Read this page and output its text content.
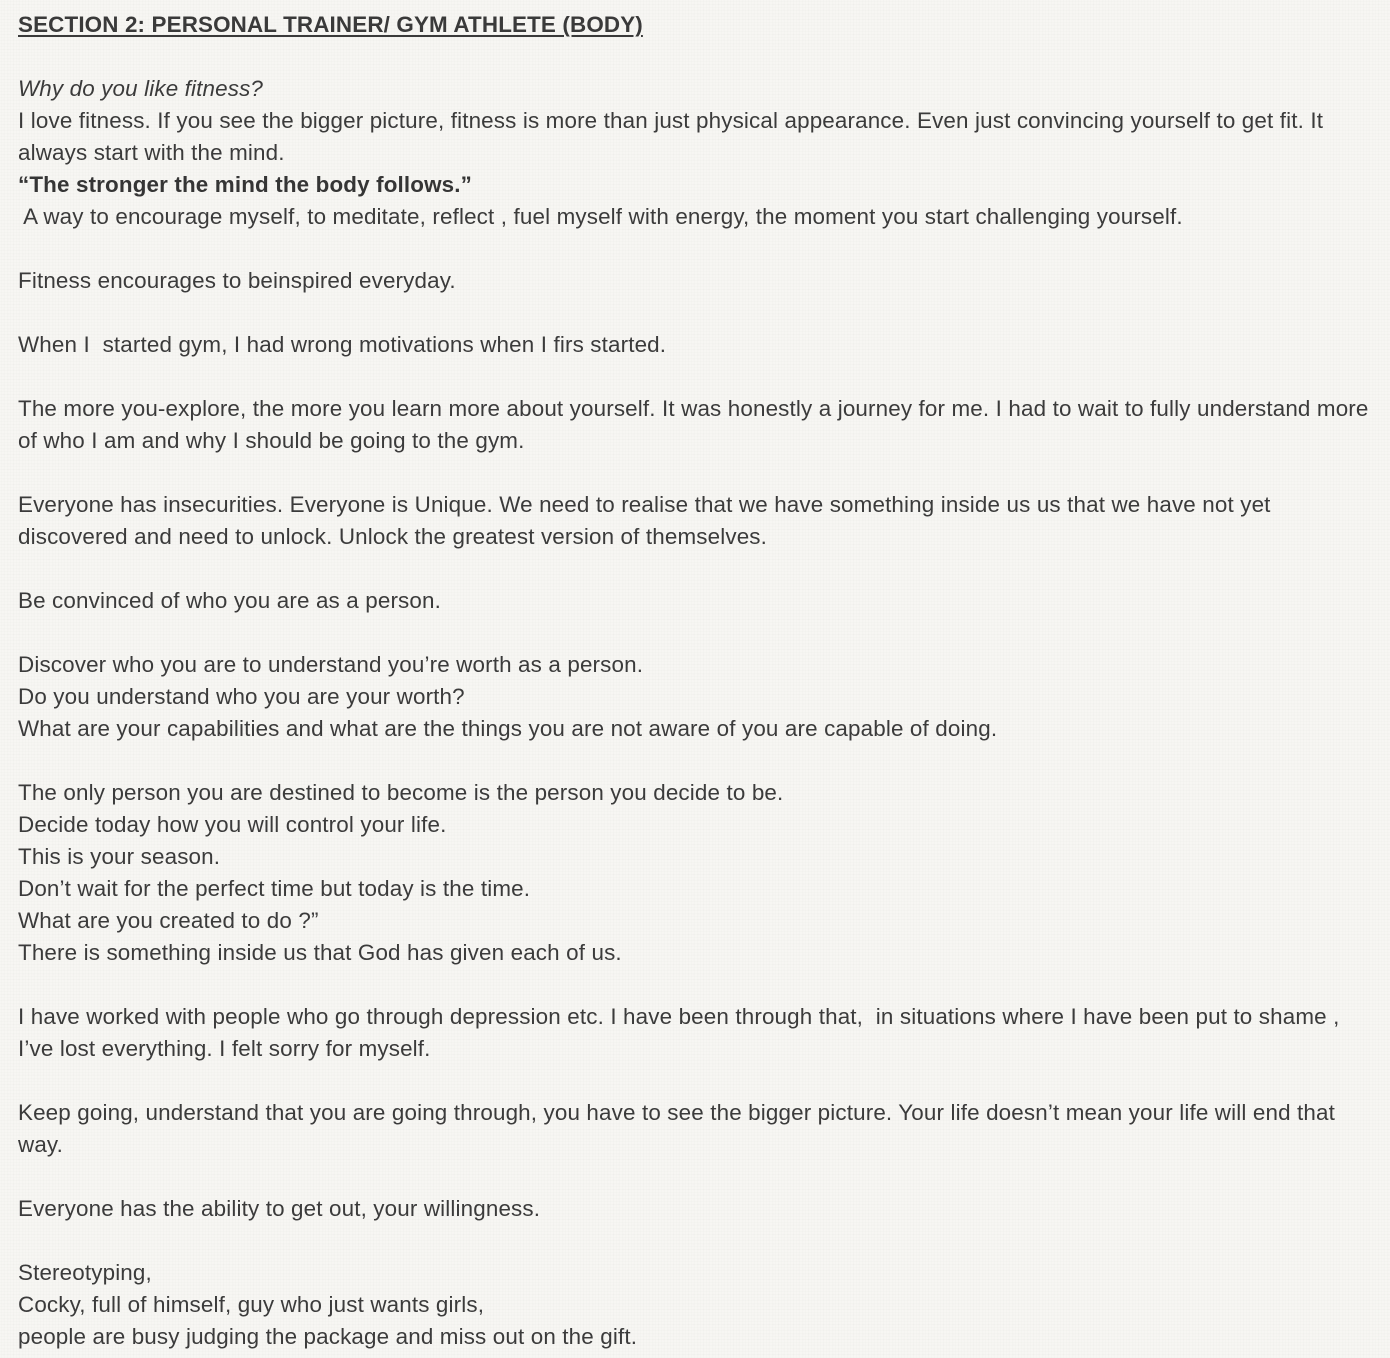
SECTION 2: PERSONAL TRAINER/ GYM ATHLETE (BODY)
Why do you like fitness?
I love fitness. If you see the bigger picture, fitness is more than just physical appearance. Even just convincing yourself to get fit. It always start with the mind.
“The stronger the mind the body follows.”
A way to encourage myself, to meditate, reflect , fuel myself with energy, the moment you start challenging yourself.
Fitness encourages to beinspired everyday.
When I  started gym, I had wrong motivations when I firs started.
The more you-explore, the more you learn more about yourself. It was honestly a journey for me. I had to wait to fully understand more of who I am and why I should be going to the gym.
Everyone has insecurities. Everyone is Unique. We need to realise that we have something inside us us that we have not yet discovered and need to unlock. Unlock the greatest version of themselves.
Be convinced of who you are as a person.
Discover who you are to understand you’re worth as a person.
Do you understand who you are your worth?
What are your capabilities and what are the things you are not aware of you are capable of doing.
The only person you are destined to become is the person you decide to be.
Decide today how you will control your life.
This is your season.
Don’t wait for the perfect time but today is the time.
What are you created to do ?”
There is something inside us that God has given each of us.
I have worked with people who go through depression etc. I have been through that,  in situations where I have been put to shame , I’ve lost everything. I felt sorry for myself.
Keep going, understand that you are going through, you have to see the bigger picture. Your life doesn’t mean your life will end that way.
Everyone has the ability to get out, your willingness.
Stereotyping,
Cocky, full of himself, guy who just wants girls,
people are busy judging the package and miss out on the gift.
